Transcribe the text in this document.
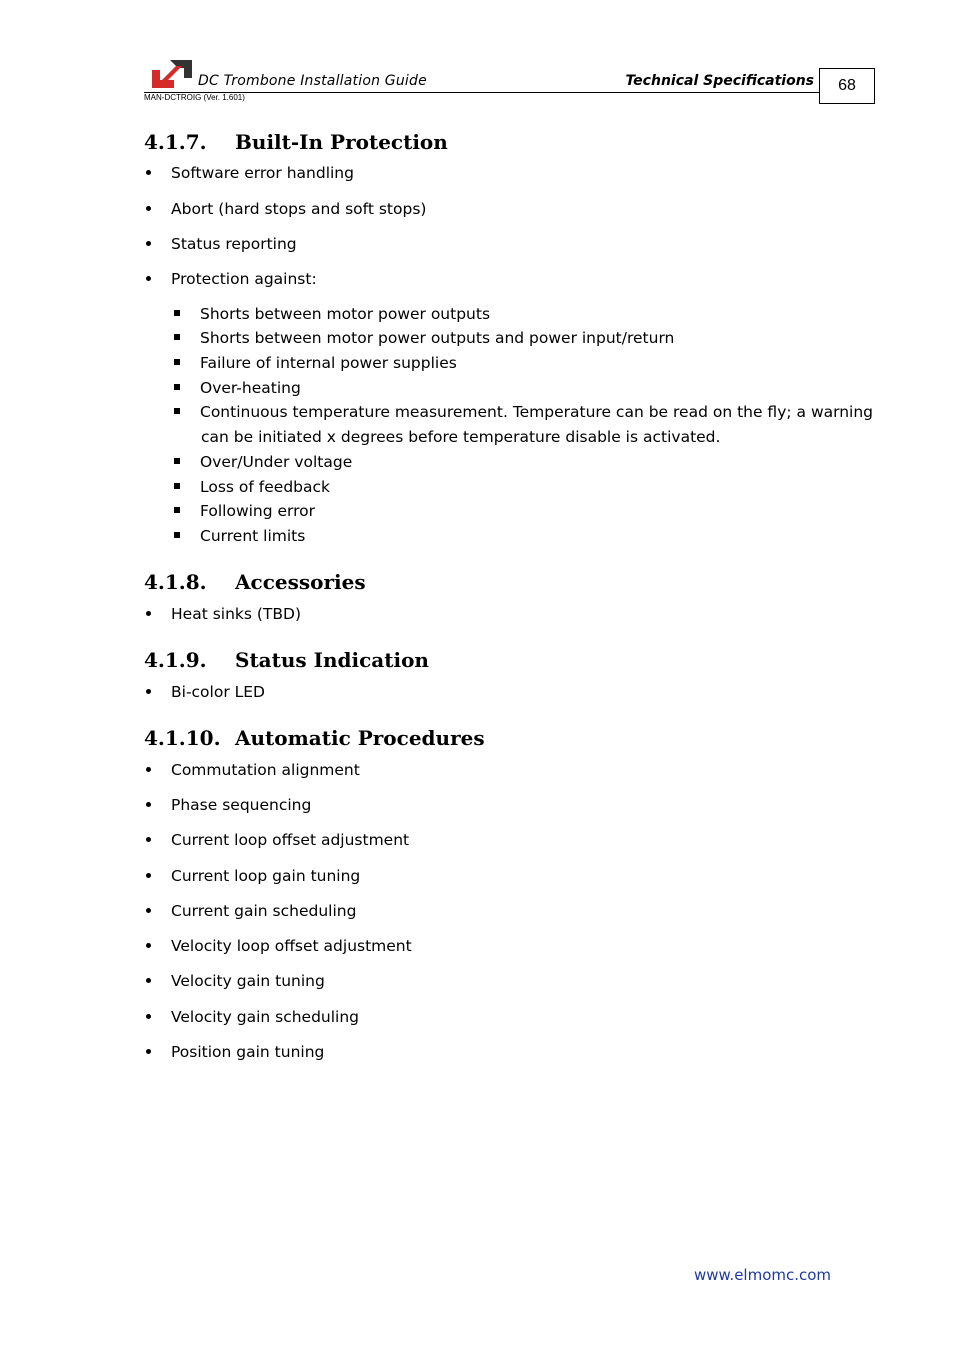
DC Trombone Installation Guide	Technical Specifications	68
MAN-DCTROIG (Ver. 1.601)
4.1.7. Built-In Protection
Software error handling
Abort (hard stops and soft stops)
Status reporting
Protection against:
Shorts between motor power outputs
Shorts between motor power outputs and power input/return
Failure of internal power supplies
Over-heating
Continuous temperature measurement. Temperature can be read on the fly; a warning
can be initiated x degrees before temperature disable is activated.
Over/Under voltage
Loss of feedback
Following error
Current limits
4.1.8. Accessories
Heat sinks (TBD)
4.1.9. Status Indication
Bi-color LED
4.1.10. Automatic Procedures
Commutation alignment
Phase sequencing
Current loop offset adjustment
Current loop gain tuning
Current gain scheduling
Velocity loop offset adjustment
Velocity gain tuning
Velocity gain scheduling
Position gain tuning
www.elmomc.com
